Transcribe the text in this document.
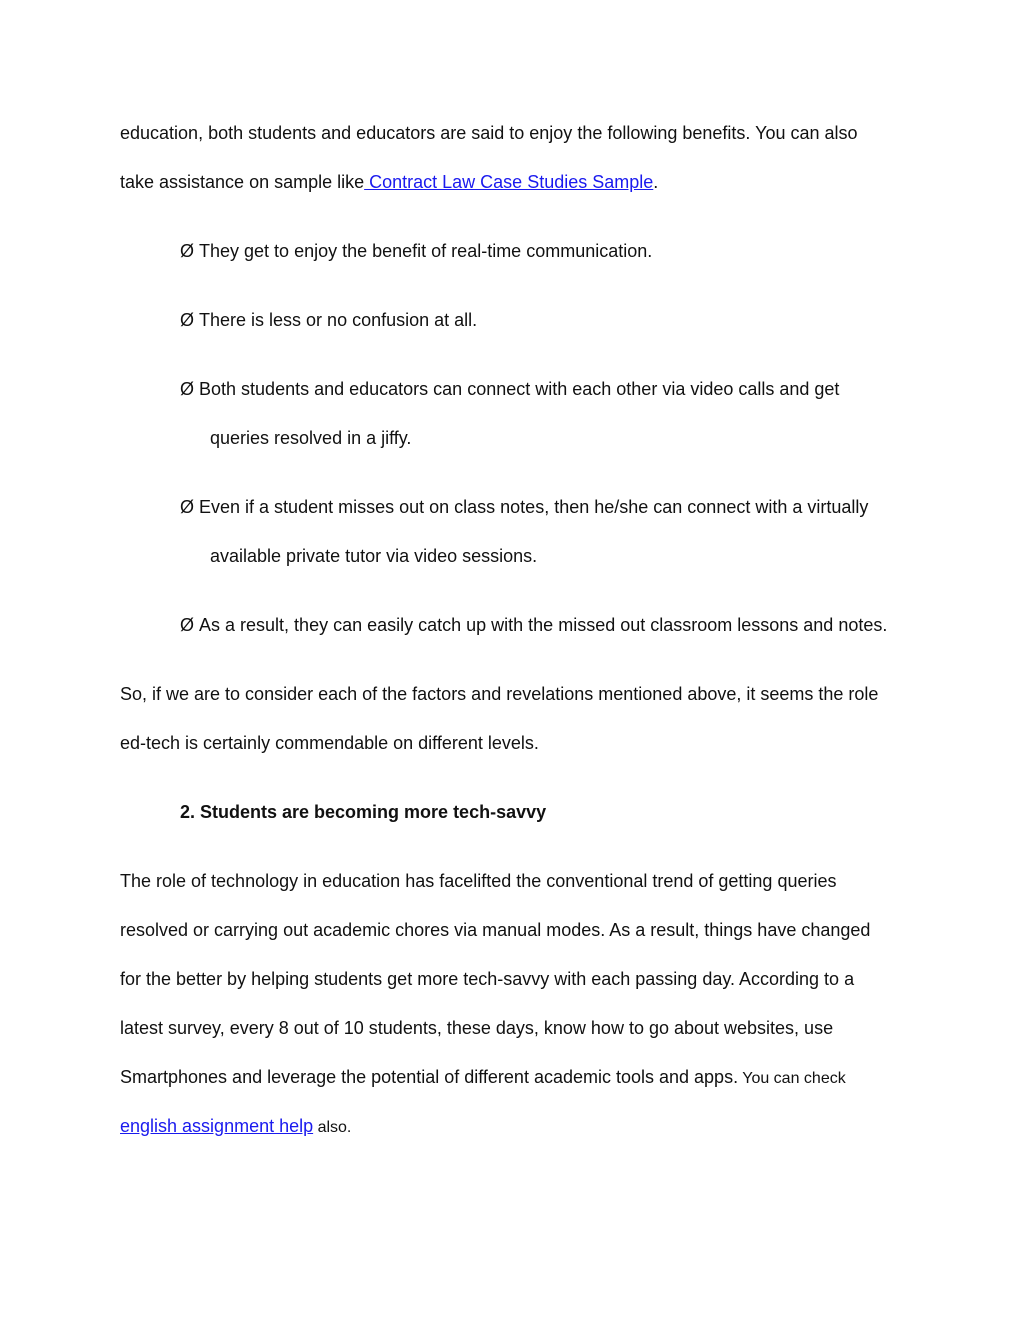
education, both students and educators are said to enjoy the following benefits. You can also
take assistance on sample like Contract Law Case Studies Sample.
Ø They get to enjoy the benefit of real-time communication.
Ø There is less or no confusion at all.
Ø Both students and educators can connect with each other via video calls and get
queries resolved in a jiffy.
Ø Even if a student misses out on class notes, then he/she can connect with a virtually
available private tutor via video sessions.
Ø As a result, they can easily catch up with the missed out classroom lessons and notes.
So, if we are to consider each of the factors and revelations mentioned above, it seems the role
ed-tech is certainly commendable on different levels.
2. Students are becoming more tech-savvy
The role of technology in education has facelifted the conventional trend of getting queries
resolved or carrying out academic chores via manual modes. As a result, things have changed
for the better by helping students get more tech-savvy with each passing day. According to a
latest survey, every 8 out of 10 students, these days, know how to go about websites, use
Smartphones and leverage the potential of different academic tools and apps. You can check
english assignment help also.
